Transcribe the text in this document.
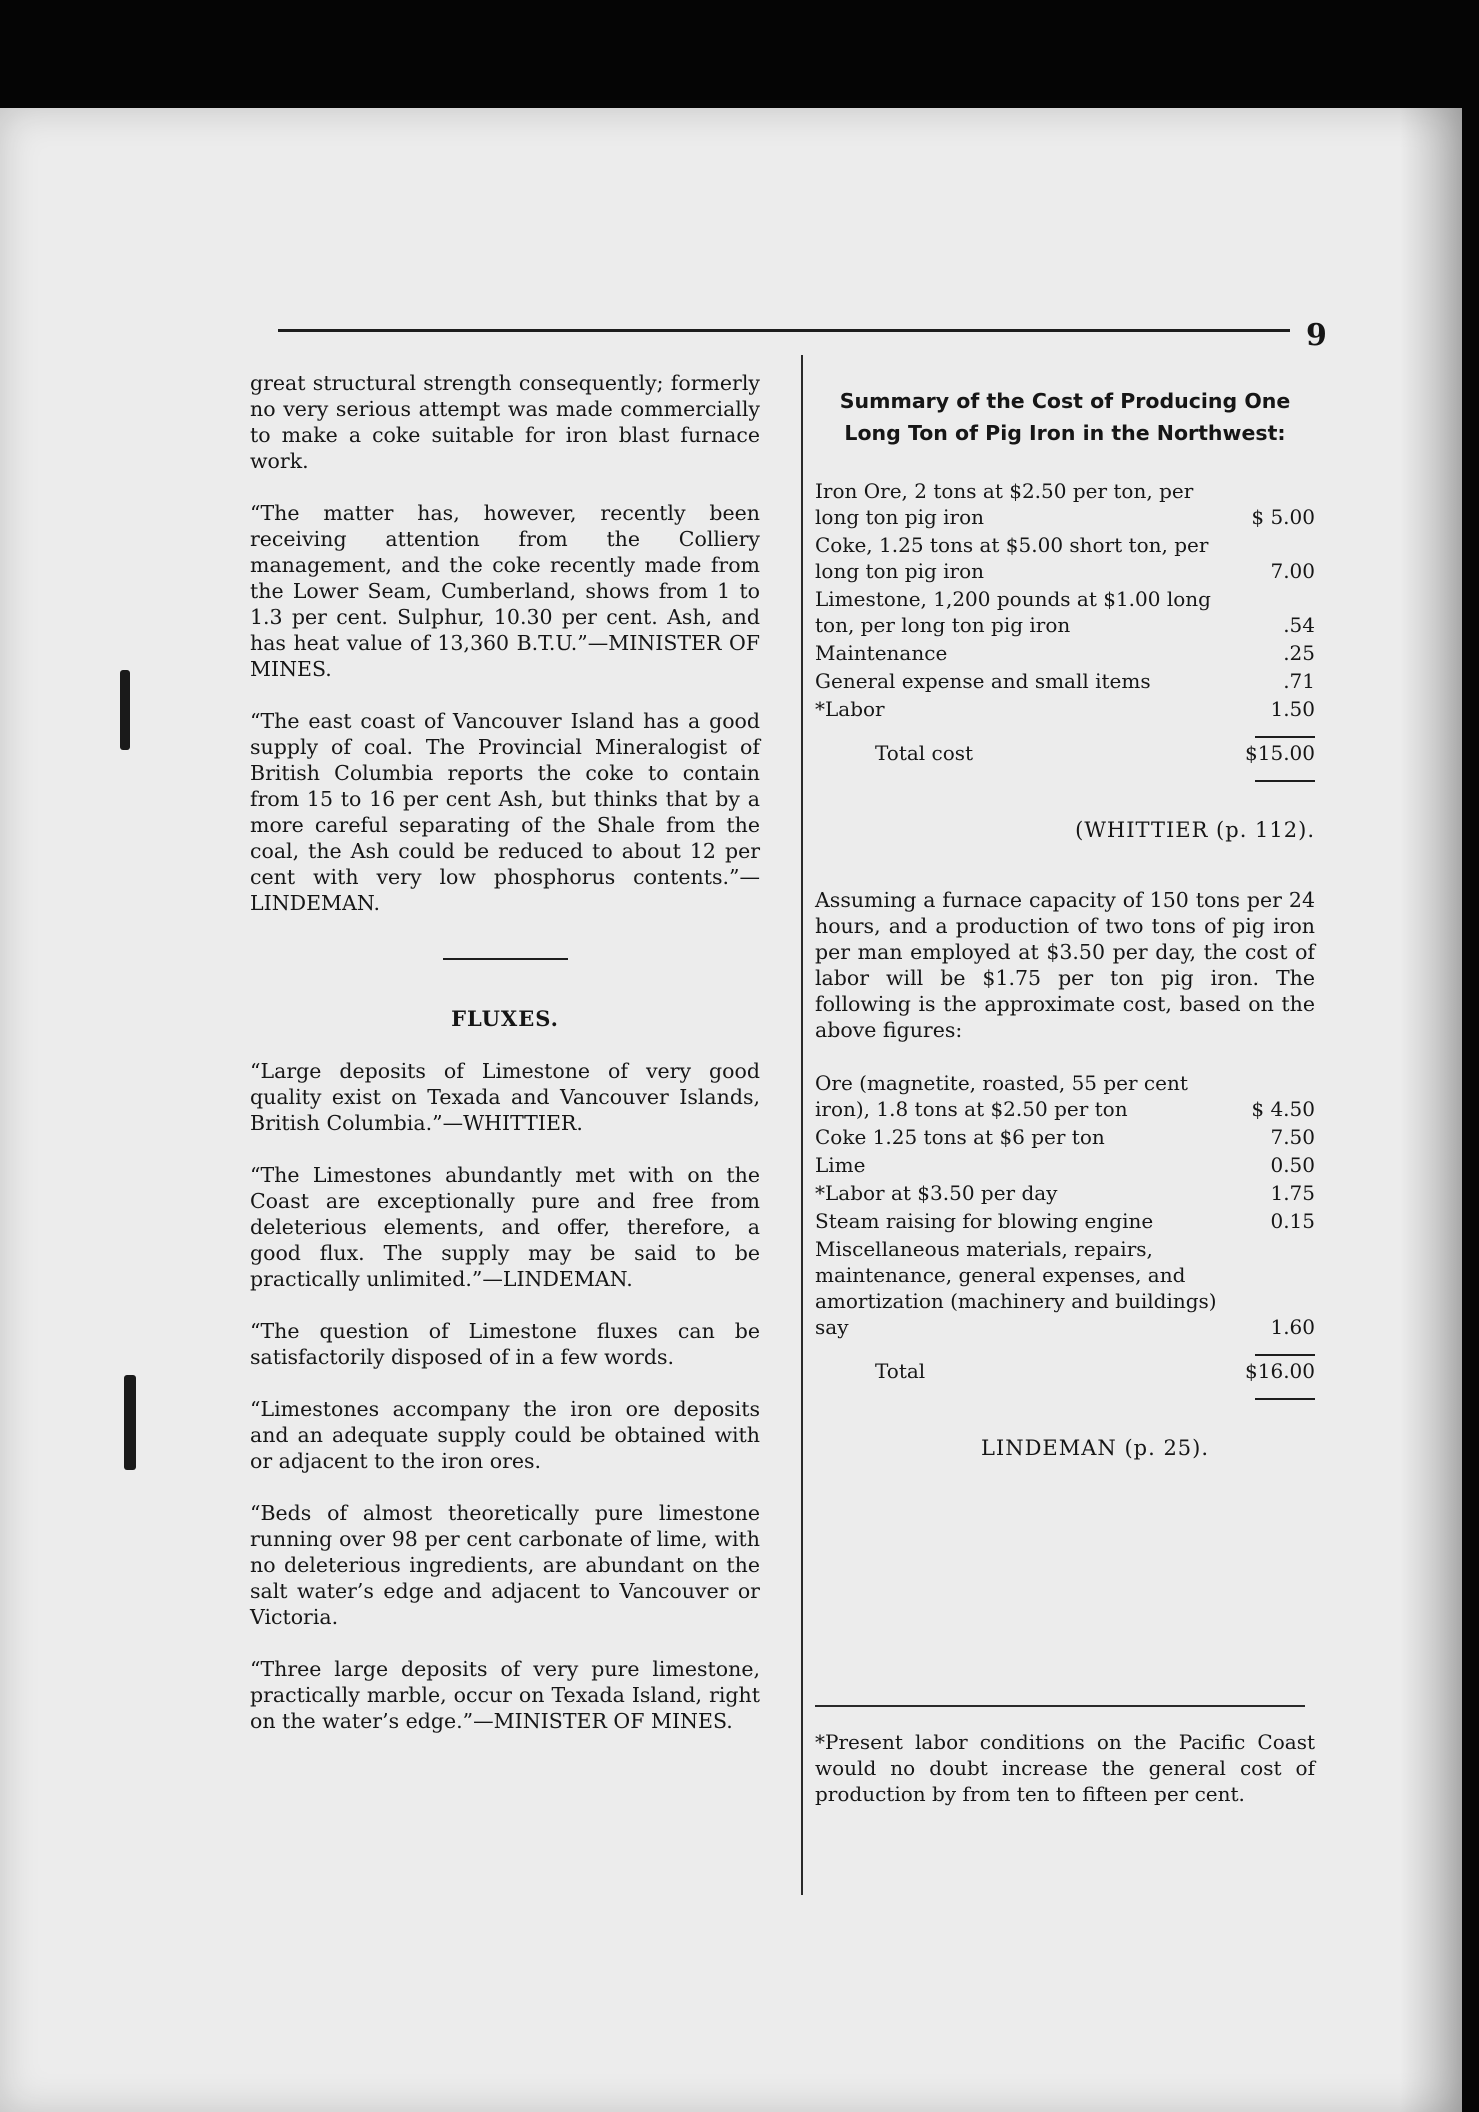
9

great structural strength consequently; formerly no very serious attempt was made commercially to make a coke suitable for iron blast furnace work.

“The matter has, however, recently been receiving attention from the Colliery management, and the coke recently made from the Lower Seam, Cumberland, shows from 1 to 1.3 per cent. Sulphur, 10.30 per cent. Ash, and has heat value of 13,360 B.T.U.”—MINISTER OF MINES.

“The east coast of Vancouver Island has a good supply of coal. The Provincial Mineralogist of British Columbia reports the coke to contain from 15 to 16 per cent Ash, but thinks that by a more careful separating of the Shale from the coal, the Ash could be reduced to about 12 per cent with very low phosphorus contents.”—LINDEMAN.

FLUXES.

“Large deposits of Limestone of very good quality exist on Texada and Vancouver Islands, British Columbia.”—WHITTIER.

“The Limestones abundantly met with on the Coast are exceptionally pure and free from deleterious elements, and offer, therefore, a good flux. The supply may be said to be practically unlimited.”—LINDEMAN.

“The question of Limestone fluxes can be satisfactorily disposed of in a few words.

“Limestones accompany the iron ore deposits and an adequate supply could be obtained with or adjacent to the iron ores.

“Beds of almost theoretically pure limestone running over 98 per cent carbonate of lime, with no deleterious ingredients, are abundant on the salt water’s edge and adjacent to Vancouver or Victoria.

“Three large deposits of very pure limestone, practically marble, occur on Texada Island, right on the water’s edge.”—MINISTER OF MINES.

Summary of the Cost of Producing One Long Ton of Pig Iron in the Northwest:
Iron Ore, 2 tons at $2.50 per ton, per long ton pig iron	$ 5.00
Coke, 1.25 tons at $5.00 short ton, per long ton pig iron	7.00
Limestone, 1,200 pounds at $1.00 long ton, per long ton pig iron	.54
Maintenance	.25
General expense and small items	.71
*Labor	1.50

Total cost	$15.00

(WHITTIER (p. 112).

Assuming a furnace capacity of 150 tons per 24 hours, and a production of two tons of pig iron per man employed at $3.50 per day, the cost of labor will be $1.75 per ton pig iron. The following is the approximate cost, based on the above figures:

Ore (magnetite, roasted, 55 per cent iron), 1.8 tons at $2.50 per ton	$ 4.50
Coke 1.25 tons at $6 per ton	7.50
Lime	0.50
*Labor at $3.50 per day	1.75
Steam raising for blowing engine	0.15
Miscellaneous materials, repairs, maintenance, general expenses, and amortization (machinery and buildings) say	1.60

Total	$16.00

LINDEMAN (p. 25).
*Present labor conditions on the Pacific Coast would no doubt increase the general cost of production by from ten to fifteen per cent.
